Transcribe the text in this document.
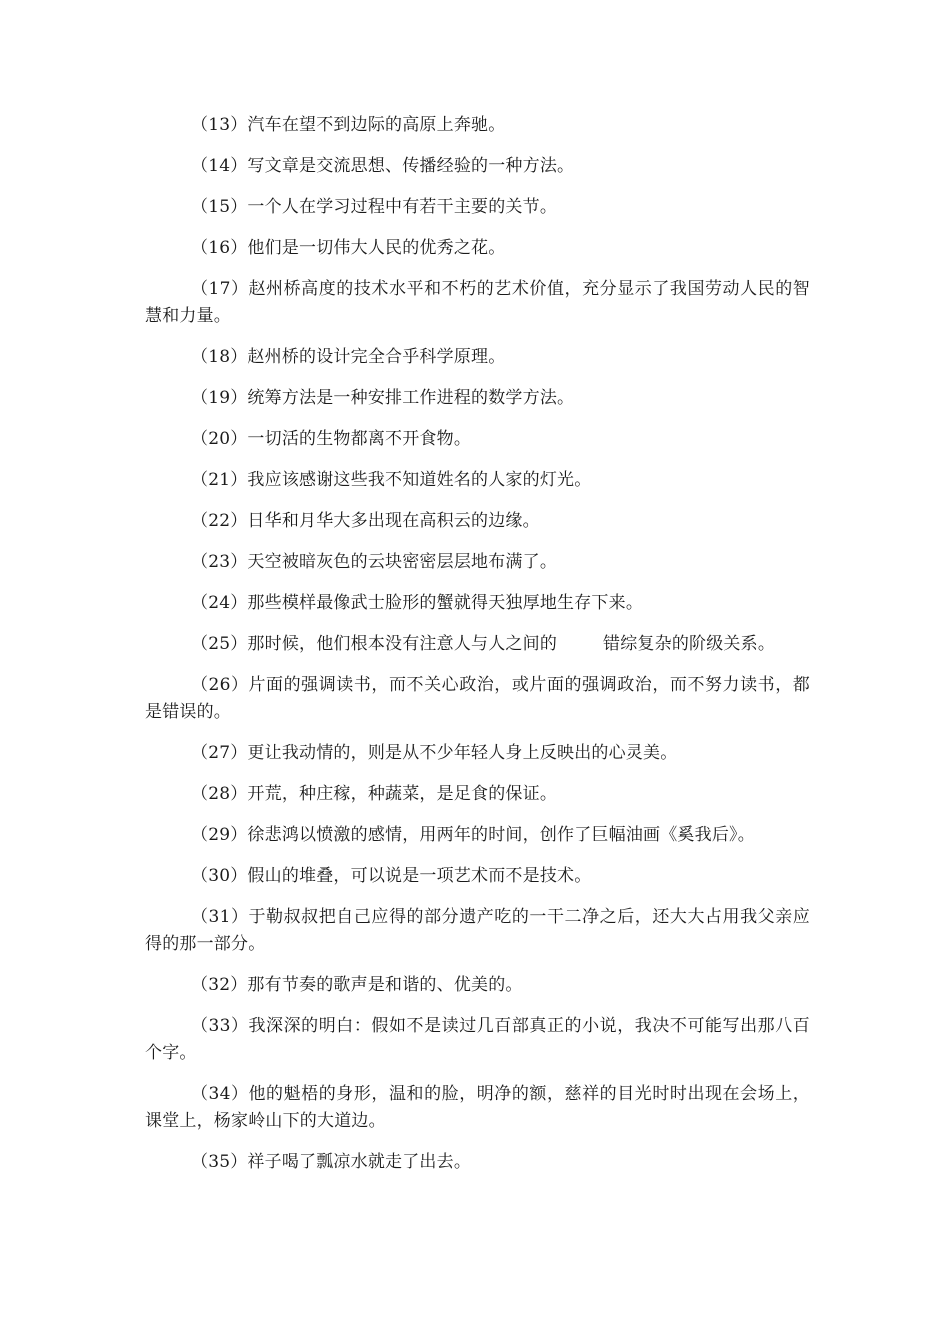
（13）汽车在望不到边际的高原上奔驰。

（14）写文章是交流思想、传播经验的一种方法。

（15）一个人在学习过程中有若干主要的关节。

（16）他们是一切伟大人民的优秀之花。

（17）赵州桥高度的技术水平和不朽的艺术价值，充分显示了我国劳动人民的智慧和力量。

（18）赵州桥的设计完全合乎科学原理。

（19）统筹方法是一种安排工作进程的数学方法。

（20）一切活的生物都离不开食物。

（21）我应该感谢这些我不知道姓名的人家的灯光。

（22）日华和月华大多出现在高积云的边缘。

（23）天空被暗灰色的云块密密层层地布满了。

（24）那些模样最像武士脸形的蟹就得天独厚地生存下来。

（25）那时候，他们根本没有注意人与人之间的	错综复杂的阶级关系。

（26）片面的强调读书，而不关心政治，或片面的强调政治，而不努力读书，都是错误的。

（27）更让我动情的，则是从不少年轻人身上反映出的心灵美。

（28）开荒，种庄稼，种蔬菜，是足食的保证。

（29）徐悲鸿以愤激的感情，用两年的时间，创作了巨幅油画《奚我后》。

（30）假山的堆叠，可以说是一项艺术而不是技术。

（31）于勒叔叔把自己应得的部分遗产吃的一干二净之后，还大大占用我父亲应得的那一部分。

（32）那有节奏的歌声是和谐的、优美的。

（33）我深深的明白：假如不是读过几百部真正的小说，我决不可能写出那八百个字。

（34）他的魁梧的身形，温和的脸，明净的额，慈祥的目光时时出现在会场上，课堂上，杨家岭山下的大道边。

（35）祥子喝了瓢凉水就走了出去。
